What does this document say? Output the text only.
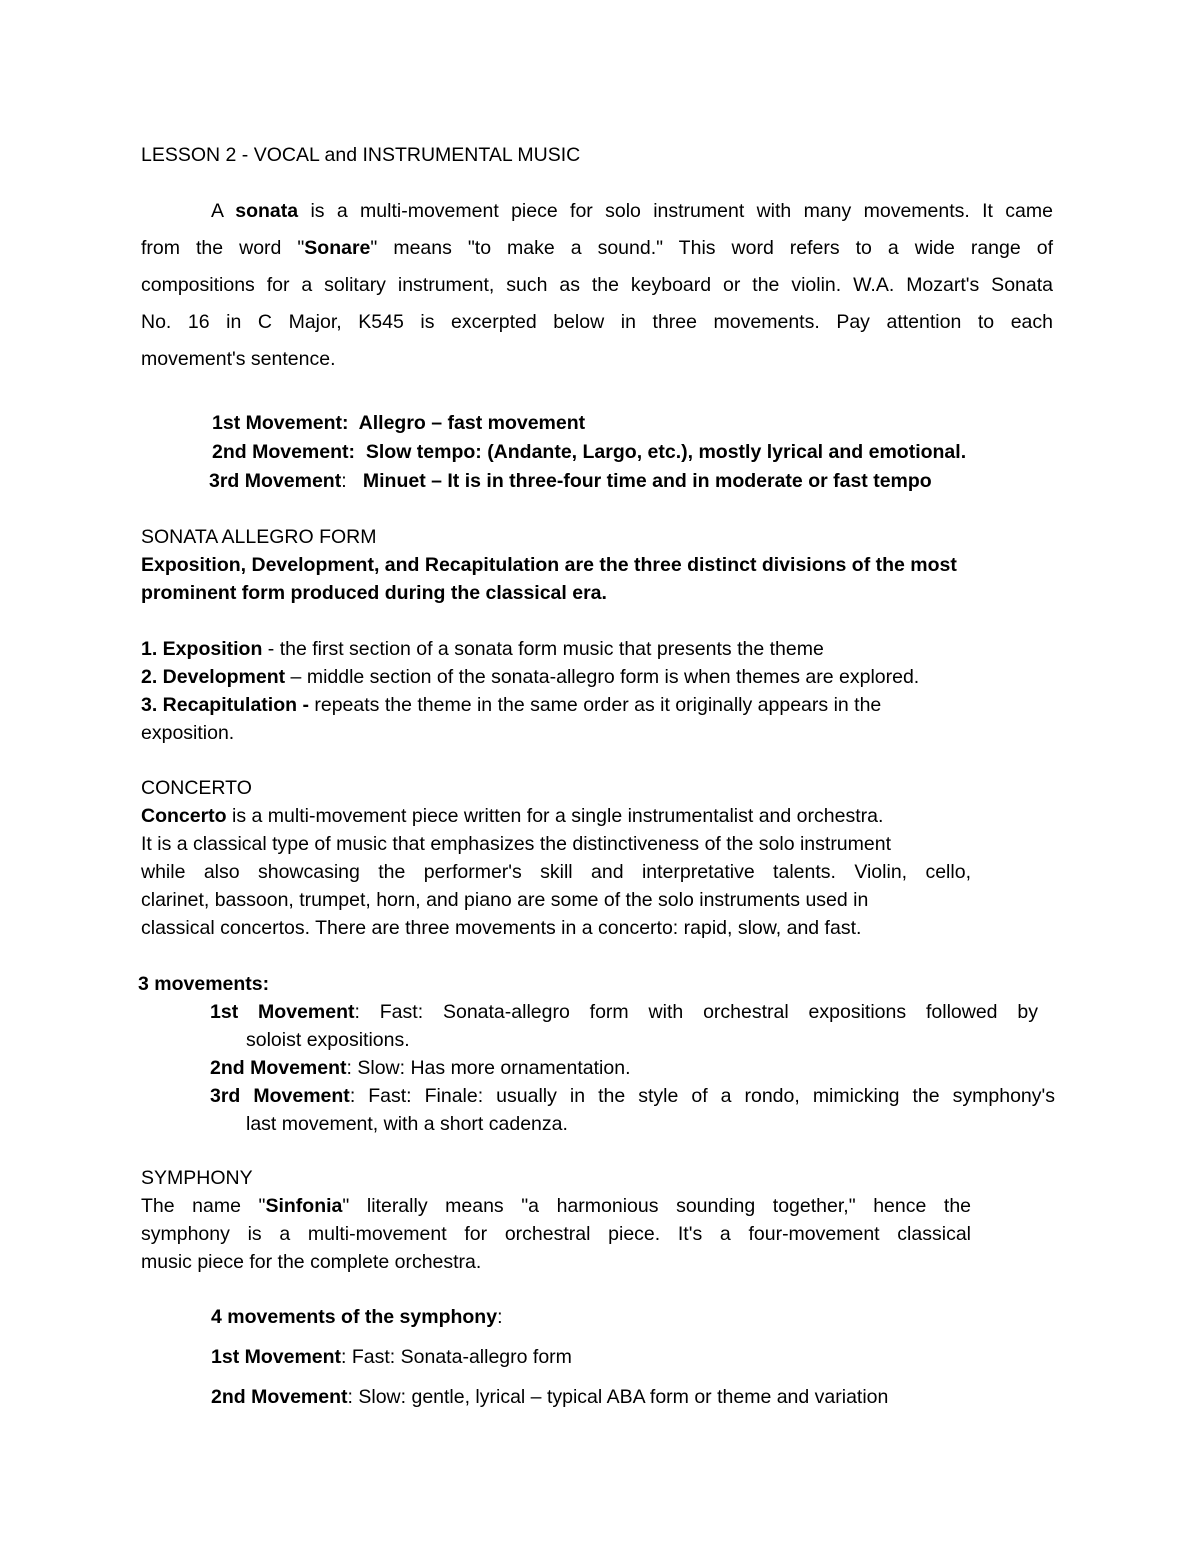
LESSON 2 - VOCAL and INSTRUMENTAL MUSIC
A sonata is a multi-movement piece for solo instrument with many movements. It came
from the word "Sonare" means "to make a sound." This word refers to a wide range of
compositions for a solitary instrument, such as the keyboard or the violin. W.A. Mozart's Sonata
No. 16 in C Major, K545 is excerpted below in three movements. Pay attention to each
movement's sentence.
1st Movement: Allegro – fast movement
2nd Movement: Slow tempo: (Andante, Largo, etc.), mostly lyrical and emotional.
3rd Movement: Minuet – It is in three-four time and in moderate or fast tempo
SONATA ALLEGRO FORM
Exposition, Development, and Recapitulation are the three distinct divisions of the most
prominent form produced during the classical era.
1. Exposition - the first section of a sonata form music that presents the theme
2. Development – middle section of the sonata-allegro form is when themes are explored.
3. Recapitulation - repeats the theme in the same order as it originally appears in the
exposition.
CONCERTO
Concerto is a multi-movement piece written for a single instrumentalist and orchestra.
It is a classical type of music that emphasizes the distinctiveness of the solo instrument
while also showcasing the performer's skill and interpretative talents. Violin, cello,
clarinet, bassoon, trumpet, horn, and piano are some of the solo instruments used in
classical concertos. There are three movements in a concerto: rapid, slow, and fast.
3 movements:
1st Movement: Fast: Sonata-allegro form with orchestral expositions followed by
soloist expositions.
2nd Movement: Slow: Has more ornamentation.
3rd Movement: Fast: Finale: usually in the style of a rondo, mimicking the symphony's
last movement, with a short cadenza.
SYMPHONY
The name "Sinfonia" literally means "a harmonious sounding together," hence the
symphony is a multi-movement for orchestral piece. It's a four-movement classical
music piece for the complete orchestra.
4 movements of the symphony:
1st Movement: Fast: Sonata-allegro form
2nd Movement: Slow: gentle, lyrical – typical ABA form or theme and variation
